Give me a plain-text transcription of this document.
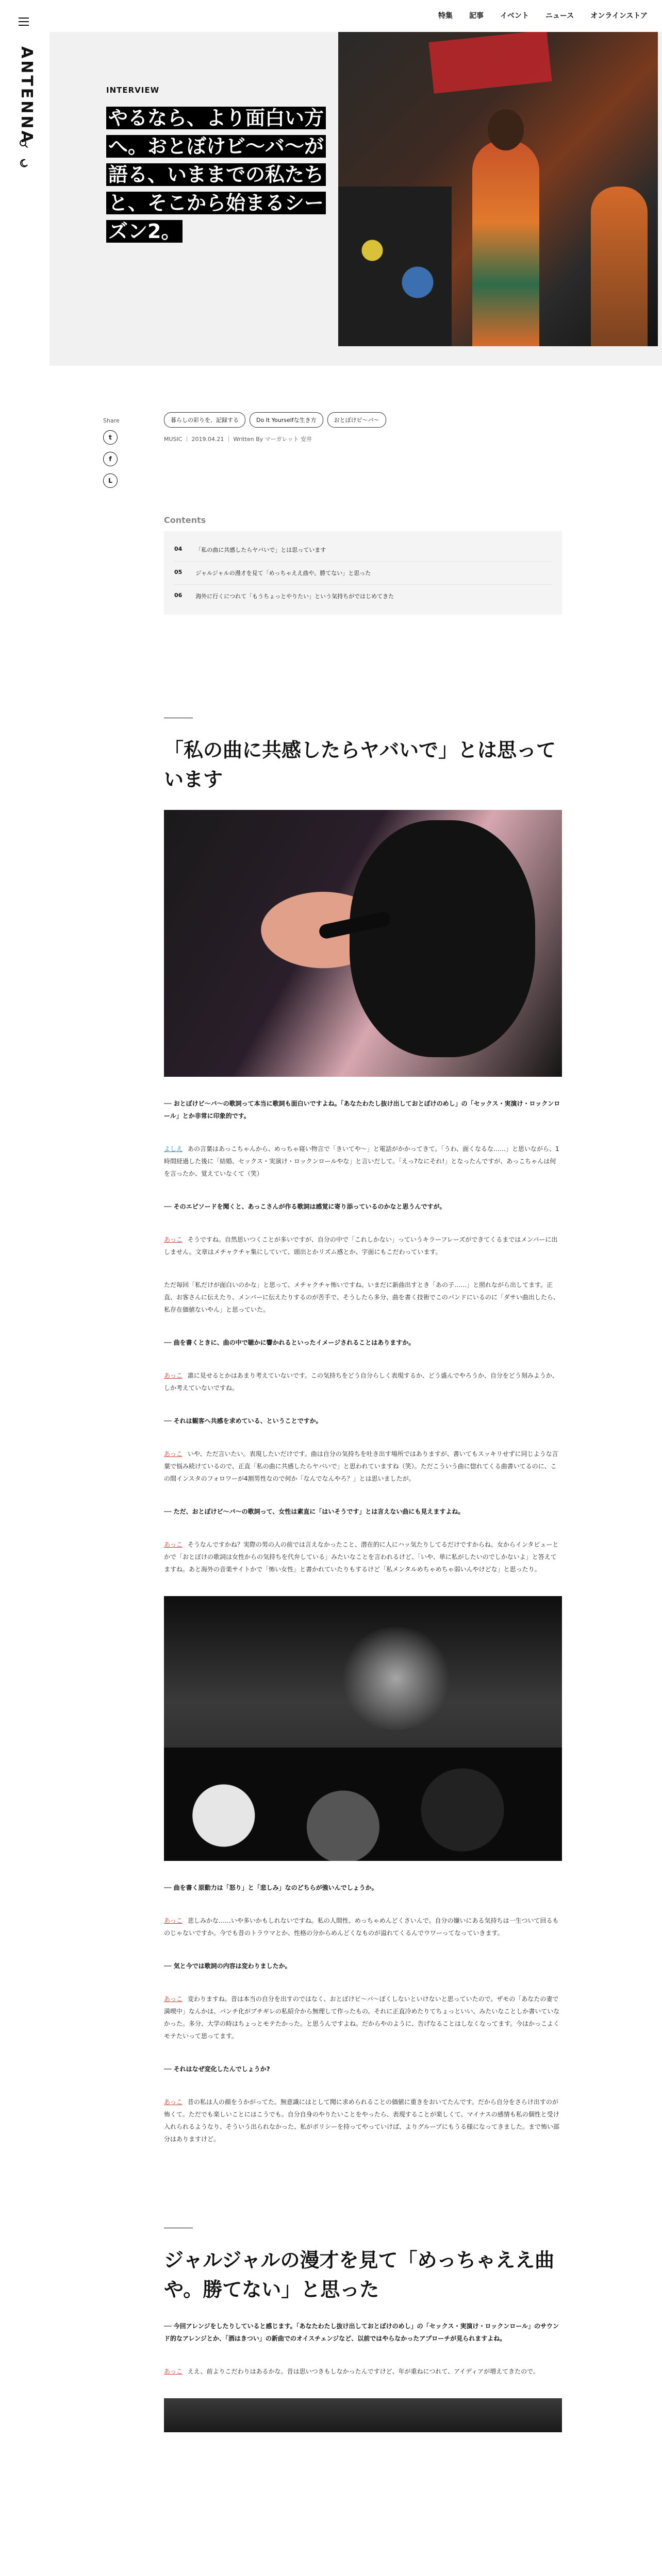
ANTENNA
特集 記事 イベント ニュース オンラインストア
INTERVIEW
やるなら、より面白い方
へ。おとぼけビ〜バ〜が
語る、いままでの私たち
と、そこから始まるシー
ズン2。
Share
t
f
L
暮らしの彩りを、記録する	Do It Yourselfな生き方	おとぼけビ〜バ〜
MUSIC ｜ 2019.04.21 ｜ Written By マーガレット 安井
Contents
04 「私の曲に共感したらヤバいで」とは思っています
05 ジャルジャルの漫才を見て「めっちゃええ曲や。勝てない」と思った
06 海外に行くにつれて「もうちょっとやりたい」という気持ちがではじめてきた
「私の曲に共感したらヤバいで」とは思っています

── おとぼけビ〜バ〜の歌詞って本当に歌詞も面白いですよね。「あなたわたし抜け出しておとぼけのめし」の「セックス・実演け・ロックンロール」とか非常に印象的です。

よしえ あの言葉はあっこちゃんから、めっちゃ寝い物言で「きいてや〜」と電話がかかってきて。「うわ、面くなるな……」と思いながら、1時間経過した後に「結婚、セックス・実演け・ロックンロールやな」と言いだして。「えっ?なにそれ!」となったんですが、あっこちゃんは何を言ったか、覚えていなくて（笑）

── そのエピソードを聞くと、あっこさんが作る歌詞は感覚に寄り添っているのかなと思うんですが。

あっこ そうですね。自然思いつくことが多いですが、自分の中で「これしかない」っていうキラーフレーズができてくるまではメンバーに出しません。文章はメチャクチャ集にしていて、頭出とかリズム感とか、字面にもこだわっています。

ただ毎回「私だけが面白いのかな」と思って、メチャクチャ怖いですね。いまだに新曲出すとき「あの子……」と照れながら出してます。正直、お客さんに伝えたり、メンバーに伝えたりするのが苦手で、そうしたら多分、曲を書く技術でこのバンドにいるのに「ダサい曲出したら、私存在価値ないやん」と思っていた。

── 曲を書くときに、曲の中で聴かに響かれるといったイメージされることはありますか。

あっこ 誰に見せるとかはあまり考えていないです。この気持ちをどう自分らしく表現するか、どう盛んでやろうか、自分をどう刻みようか、しか考えていないですね。

── それは観客へ共感を求めている、ということですか。

あっこ いや、ただ言いたい。表現したいだけです。曲は自分の気持ちを吐き出す場所ではありますが、書いてもスッキリせずに同じような言葉で悩み続けているので、正直「私の曲に共感したらヤバいで」と思われていますね（笑）。ただこういう曲に惚れてくる曲書いてるのに、この間インスタのフォロワーが4割男性なので何か「なんでなんやろ？」とは思いましたが。

── ただ、おとぼけビ〜バ〜の歌詞って、女性は素直に「はいそうです」とは言えない曲にも見えますよね。

あっこ そうなんですかね？実際の男の人の前では言えなかったこと、潜在的に人にハッ気たりしてるだけですからね。女からインタビューとかで「おとぼけの歌詞は女性からの気持ちを代弁している」みたいなことを言われるけど、「いや、単に私がしたいのでしかないよ」と答えてますね。あと海外の音楽サイトかで「怖い女性」と書かれていたりもするけど「私メンタルめちゃめちゃ弱いんやけどな」と思ったり。

── 曲を書く原動力は「怒り」と「悲しみ」なのどちらが強いんでしょうか。

あっこ 悲しみかな……いや多いかもしれないですね。私の人間性、めっちゃめんどくさいんで。自分の嫌いにある気持ちは一生ついて回るものじゃないですか。今でも昔のトラウマとか、性格の分からめんどくなものが溢れてくるんでウワーってなっていきます。

── 気と今では歌詞の内容は変わりましたか。

あっこ 変わりますね。昔は本当の自分を出すのではなく、おとぼけビ〜バ〜ぽくしないといけないと思っていたので。ザモの「あなたの妻で満喫中」なんかは、パンチ化がブチギレの私紹介から無理して作ったもの。それに正直冷めたりてちょっといい、みたいなことしか書いていなかった。多分、大学の時はちょっとモテたかった。と思うんですよね。だからやのように、告げなることはしなくなってます。今はかっこよくモテたいって思ってます。

── それはなぜ変化したんでしょうか?

あっこ 昔の私は人の顔をうかがってた。無意識にはとして聞に求められることの価値に重きをおいてたんです。だから自分をさらけ出すのが怖くて。ただでも楽しいことにはこうでも。自分自身のやりたいことをやったら、表現することが楽しくて、マイナスの感情も私の個性と受け入れられるようなり、そういう出られなかった、私がポリシーを持ってやっていけば、よりグループにもうる様になってきました。まで怖い部分はありますけど。

ジャルジャルの漫才を見て「めっちゃええ曲や。勝てない」と思った

── 今回アレンジをしたりしていると感じます。「あなたわたし抜け出しておとぼけのめし」の「セックス・実演け・ロックンロール」のサウンド的なアレンジとか、「酒はきつい」の新曲でのオイスチェンジなど、以前ではやらなかったアプローチが見られますよね。

あっこ ええ、前よりこだわりはあるかな。昔は思いつきもしなかったんですけど、年が重ねにつれて、アイディアが増えてきたので。
